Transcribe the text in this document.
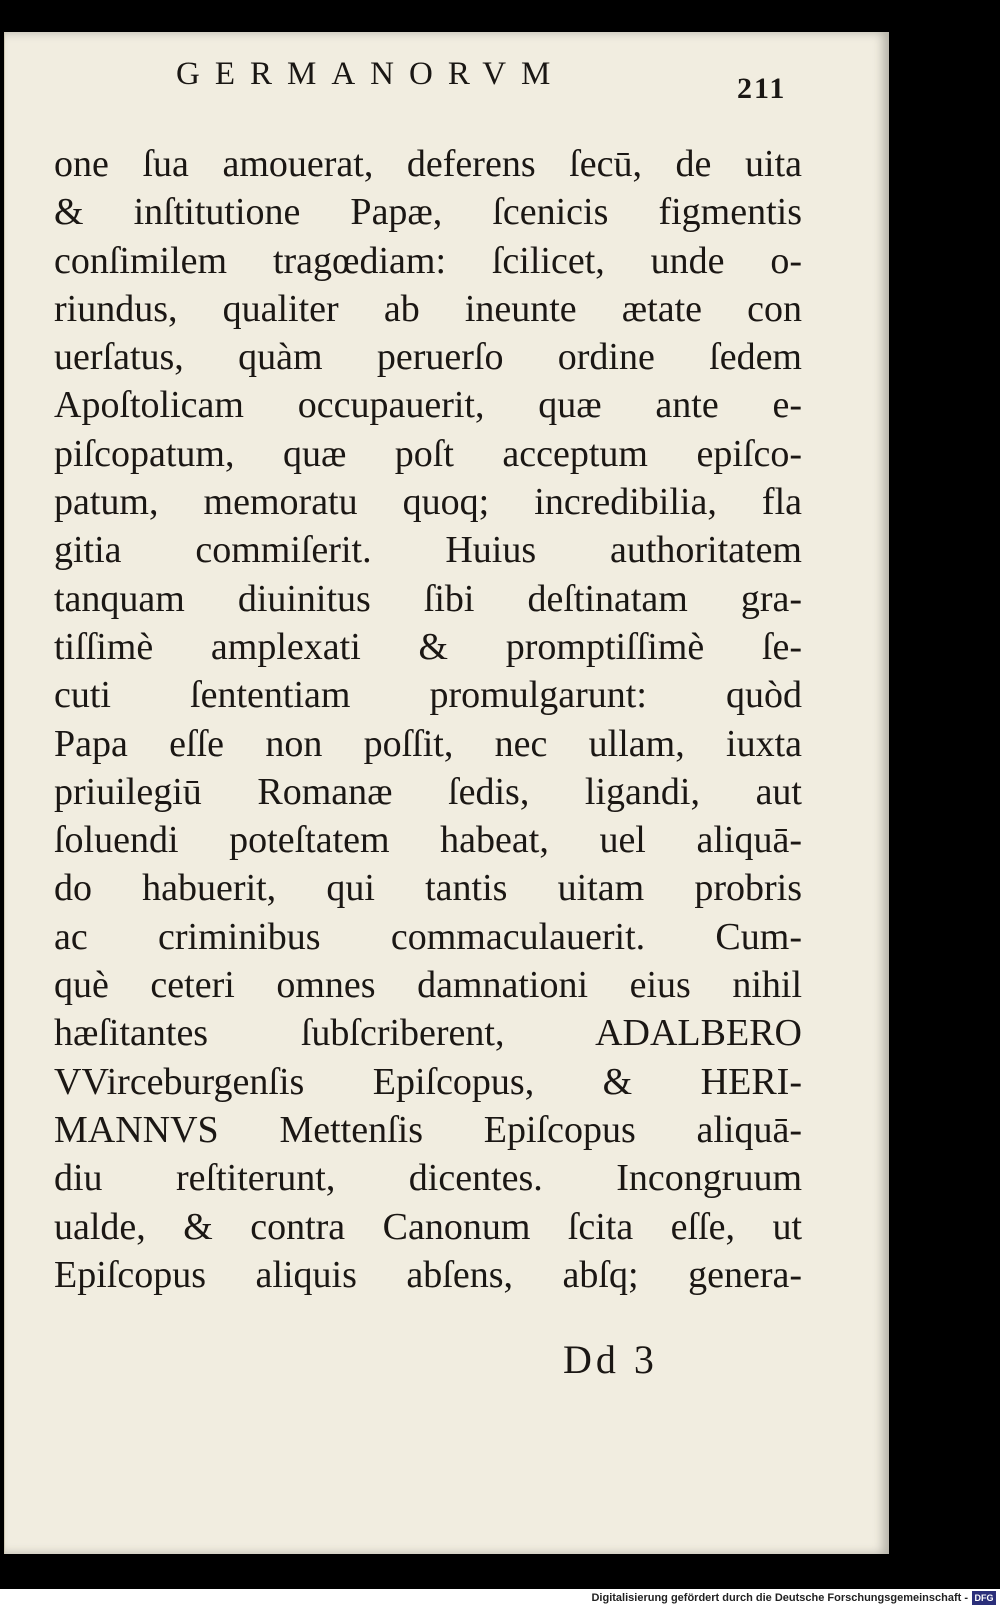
GERMANORVM	211
one ſua amouerat, deferens ſecū, de uita
& inſtitutione Papæ, ſcenicis figmentis
conſimilem tragœdiam: ſcilicet, unde o-
riundus, qualiter ab ineunte ætate con
uerſatus, quàm peruerſo ordine ſedem
Apoſtolicam occupauerit, quæ ante e-
piſcopatum, quæ poſt acceptum epiſco-
patum, memoratu quoq; incredibilia, fla
gitia commiſerit. Huius authoritatem
tanquam diuinitus ſibi deſtinatam gra-
tiſſimè amplexati & promptiſſimè ſe-
cuti ſententiam promulgarunt: quòd
Papa eſſe non poſſit, nec ullam, iuxta
priuilegiū Romanæ ſedis, ligandi, aut
ſoluendi poteſtatem habeat, uel aliquā-
do habuerit, qui tantis uitam probris
ac criminibus commaculauerit. Cum-
què ceteri omnes damnationi eius nihil
hæſitantes ſubſcriberent, ADALBERO
VVirceburgenſis Epiſcopus, & HERI-
MANNVS Mettenſis Epiſcopus aliquā-
diu reſtiterunt, dicentes. Incongruum
ualde, & contra Canonum ſcita eſſe, ut
Epiſcopus aliquis abſens, abſq; genera-
Dd 3
Digitalisierung gefördert durch die Deutsche Forschungsgemeinschaft - DFG
